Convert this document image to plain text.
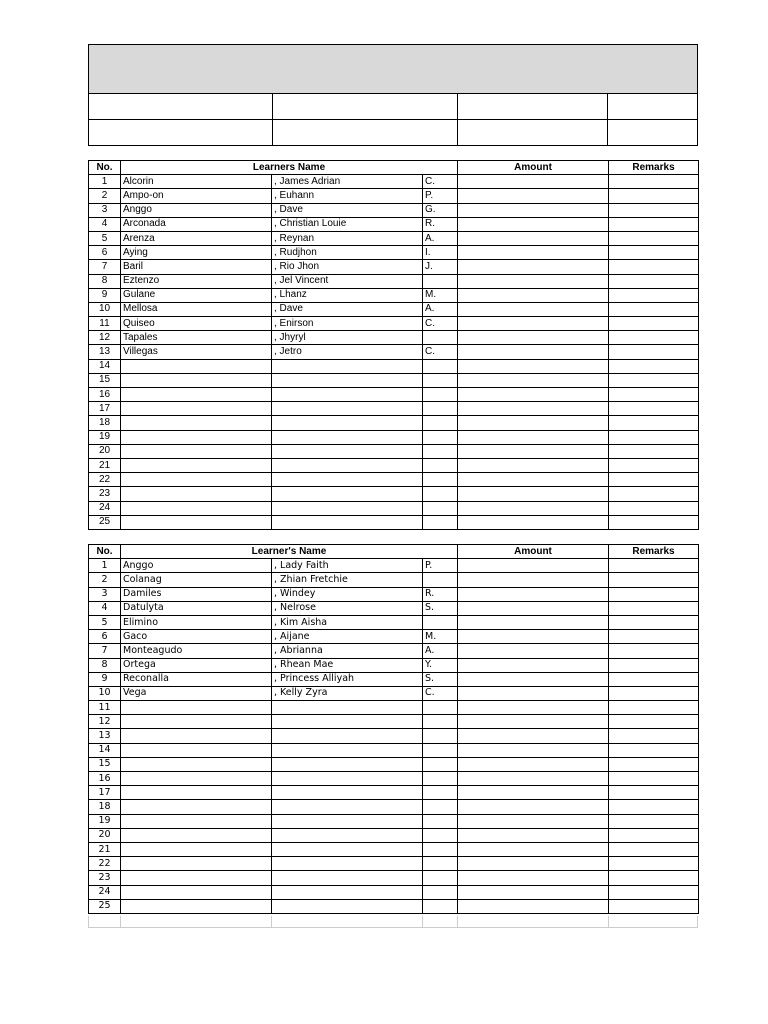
No.	Learners Name			Amount	Remarks
1	Alcorin	, James Adrian	C.		
2	Ampo-on	, Euhann	P.		
3	Anggo	, Dave	G.		
4	Arconada	, Christian Louie	R.		
5	Arenza	, Reynan	A.		
6	Aying	, Rudjhon	I.		
7	Baril	, Rio Jhon	J.		
8	Eztenzo	, Jel Vincent			
9	Gulane	, Lhanz	M.		
10	Mellosa	, Dave	A.		
11	Quiseo	, Enirson	C.		
12	Tapales	, Jhyryl			
13	Villegas	, Jetro	C.		
14					
15					
16					
17					
18					
19					
20					
21					
22					
23					
24					
25					
No.	Learner's Name			Amount	Remarks
1	Anggo	, Lady Faith	P.		
2	Colanag	, Zhian Fretchie			
3	Damiles	, Windey	R.		
4	Datulyta	, Nelrose	S.		
5	Elimino	, Kim Aisha			
6	Gaco	, Aijane	M.		
7	Monteagudo	, Abrianna	A.		
8	Ortega	, Rhean Mae	Y.		
9	Reconalla	, Princess Alliyah	S.		
10	Vega	, Kelly Zyra	C.		
11					
12					
13					
14					
15					
16					
17					
18					
19					
20					
21					
22					
23					
24					
25					
